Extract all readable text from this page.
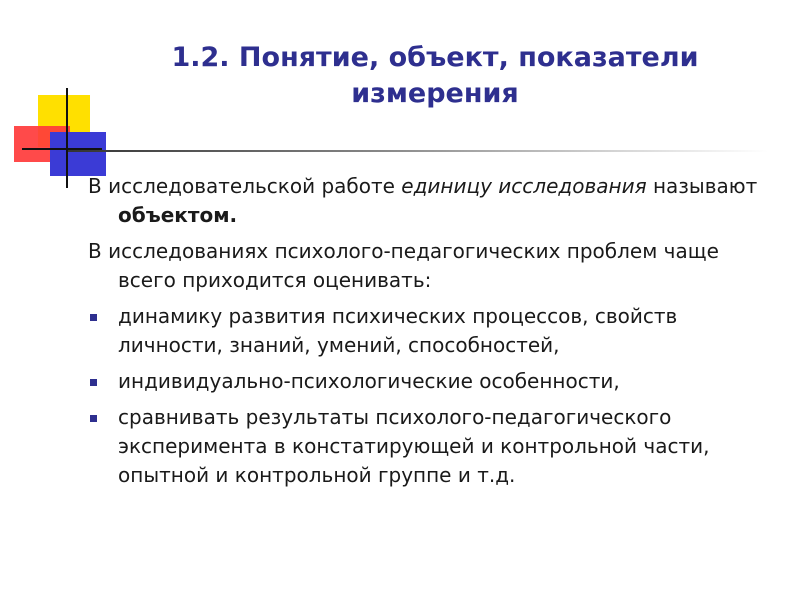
1.2. Понятие, объект, показатели измерения

В исследовательской работе единицу исследования называют объектом.

В исследованиях психолого-педагогических проблем чаще всего приходится оценивать:

динамику развития психических процессов, свойств личности, знаний, умений, способностей,
индивидуально-психологические особенности,
сравнивать результаты психолого-педагогического эксперимента в констатирующей и контрольной части, опытной и контрольной группе и т.д.
